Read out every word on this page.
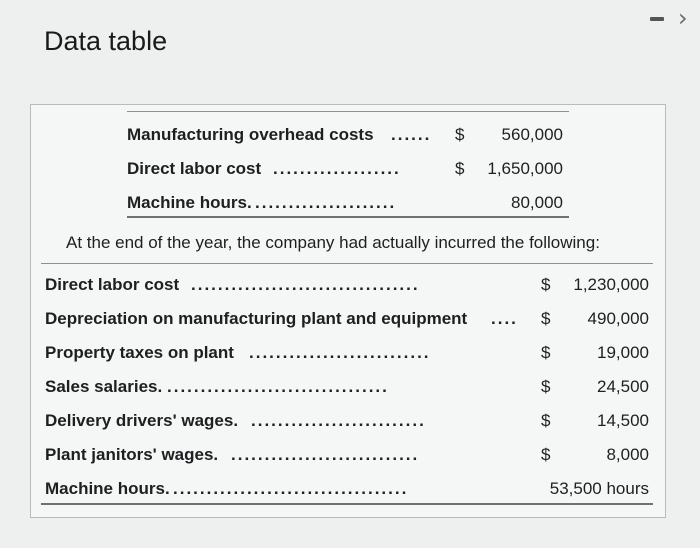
Data table
›
Manufacturing overhead costs ......	$ 560,000
Direct labor cost ...................	$ 1,650,000
Machine hours. .....................	80,000
At the end of the year, the company had actually incurred the following:
Direct labor cost ..................................	$ 1,230,000
Depreciation on manufacturing plant and equipment ....	$ 490,000
Property taxes on plant ...........................	$	19,000
Sales salaries. .................................	$	24,500
Delivery drivers' wages. ..........................	$	14,500
Plant janitors' wages. ............................	$	8,000
Machine hours. ...................................	53,500 hours
